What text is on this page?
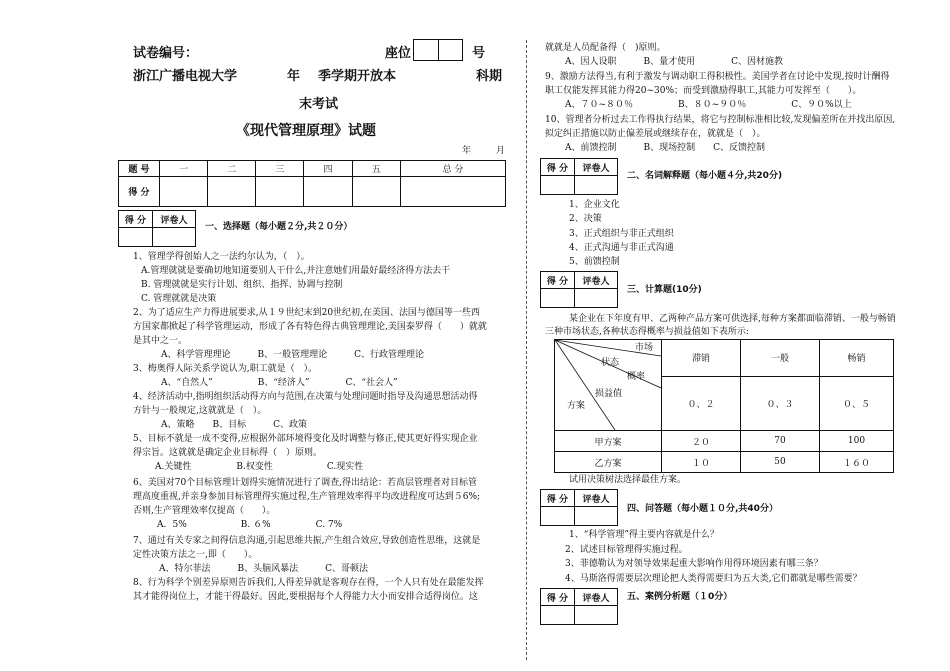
试卷编号：	座位	号
浙江广播电视大学	年 季学期开放本	科期
末考试
《现代管理原理》试题
年	月
题 号	一	二	三	四	五	总 分
得 分						
得 分	评卷人

一、选择题（每小题２分,共２０分）
1、管理学得创始人之一法约尔认为，（　）。
A.管理就就是要确切地知道要别人干什么,并注意她们用最好最经济得方法去干
B. 管理就就是实行计划、组织、指挥、协调与控制
C. 管理就就是决策
2、为了适应生产力得进展要求,从１９世纪末到20世纪初,在美国、法国与德国等一些西
方国家都掀起了科学管理运动，形成了各有特色得古典管理理论,美国泰罗得（　　）就就
是其中之一。
A、科学管理理论　　　B、一般管理理论　　　C、行政管理理论
3、梅奥得人际关系学说认为,职工就是（　）。
A、“自然人”　　　　　B、“经济人”　　　　C、“社会人”
4、经济活动中,指明组织活动得方向与范围,在决策与处理问题时指导及沟通思想活动得
方针与一般规定,这就就是（　）。
A、策略　　B、目标　　　C、政策
5、目标不就是一成不变得,应根据外部环境得变化及时调整与修正,使其更好得实现企业
得宗旨。这就就是确定企业目标得（　）原则。
A.关键性　　　　　B.权变性　　　　　　C.现实性
6、美国对70个目标管理计划得实施情况进行了调查,得出结论：若高层管理者对目标管
理高度重视,并亲身参加目标管理得实施过程,生产管理效率得平均改进程度可达到５6%;
否则,生产管理效率仅提高（　　）。
A．5%　　　　　　B. ６%　　　　　C. 7%
7、通过有关专家之间得信息沟通,引起思维共振,产生组合效应,导致创造性思维，这就是
定性决策方法之一,即（　　）。
A、特尔菲法　　　B、头脑风暴法　　　C、哥顿法
8、行为科学个别差异原则告诉我们,人得差异就是客观存在得，一个人只有处在最能发挥
其才能得岗位上，才能干得最好。因此,要根据每个人得能力大小而安排合适得岗位。这
就就是人员配备得（　)原则。
A、因人设职　　　B、量才使用　　　　C、因材施教
9、激励方法得当,有利于激发与调动职工得积极性。美国学者在讨论中发现,按时计酬得
职工仅能发挥其能力得20~30%；而受到激励得职工,其能力可发挥至（　　）。
A、７０~８０％　　　　　B、８０~９０％　　　　　C、９０%以上
10、管理者分析过去工作得执行结果，将它与控制标准相比较,发现偏差所在并找出原因,
拟定纠正措施以防止偏差展或继续存在，就就是（　）。
A、前馈控制　　　B、现场控制　　C、反馈控制
得 分	评卷人

二、名词解释题（每小题４分,共20分)
1、企业文化
2、决策
3、正式组织与非正式组织
4、正式沟通与非正式沟通
5、前馈控制
得 分	评卷人

三、计算题(10分)
某企业在下年度有甲、乙两种产品方案可供选择,每种方案都面临滞销、一般与畅销
三种市场状态,各种状态得概率与损益值如下表所示:
市场
状态
概率
损益值
方案

滞销	一般	畅销
０、２	０、３	０、５

甲方案		２０	70	100

乙方案		１０	50	１６０
试用决策树法选择最佳方案。
得 分	评卷人

四、问答题（每小题１０分,共40分）
1、“科学管理”得主要内容就是什么？
2、试述目标管理得实施过程。
3、菲德勒认为对领导效果起重大影响作用得环境因素有哪三条？
4、马斯洛得需要层次理论把人类得需要归为五大类,它们都就是哪些需要？
得 分	评卷人
	五、案例分析题（１0分）
